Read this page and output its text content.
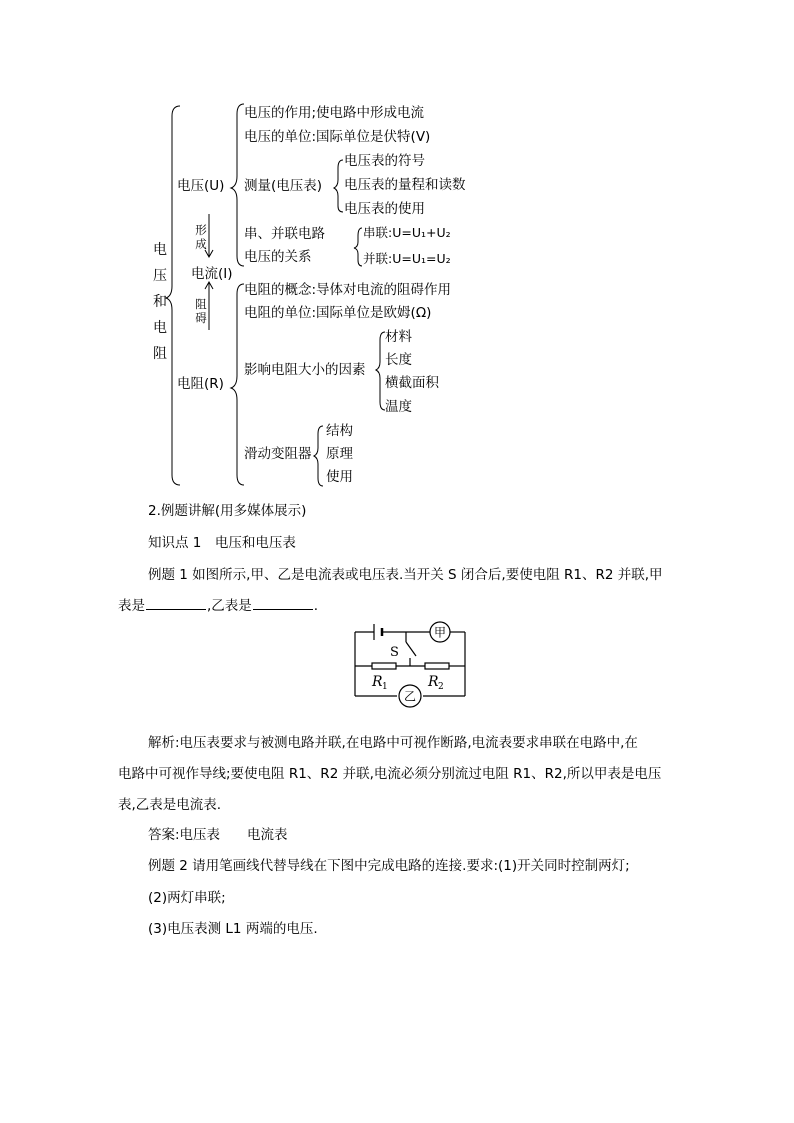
电
压
和
电
阻
电压(U)
电压的作用;使电路中形成电流
电压的单位:国际单位是伏特(V)
测量(电压表)
电压表的符号
电压表的量程和读数
电压表的使用
串、并联电路
电压的关系
串联:U=U₁+U₂
并联:U=U₁=U₂
形
成
阻
碍
电流(I)
电阻(R)
电阻的概念:导体对电流的阻碍作用
电阻的单位:国际单位是欧姆(Ω)
影响电阻大小的因素
材料
长度
横截面积
温度
滑动变阻器
结构
原理
使用
2.例题讲解(用多媒体展示)
知识点 1　电压和电压表
例题 1 如图所示,甲、乙是电流表或电压表.当开关 S 闭合后,要使电阻 R1、R2 并联,甲
表是	,乙表是	.
甲
乙
S
R 1	R 2
解析:电压表要求与被测电路并联,在电路中可视作断路,电流表要求串联在电路中,在
电路中可视作导线;要使电阻 R1、R2 并联,电流必须分别流过电阻 R1、R2,所以甲表是电压
表,乙表是电流表.
答案:电压表　　电流表
例题 2 请用笔画线代替导线在下图中完成电路的连接.要求:(1)开关同时控制两灯;
(2)两灯串联;
(3)电压表测 L1 两端的电压.
